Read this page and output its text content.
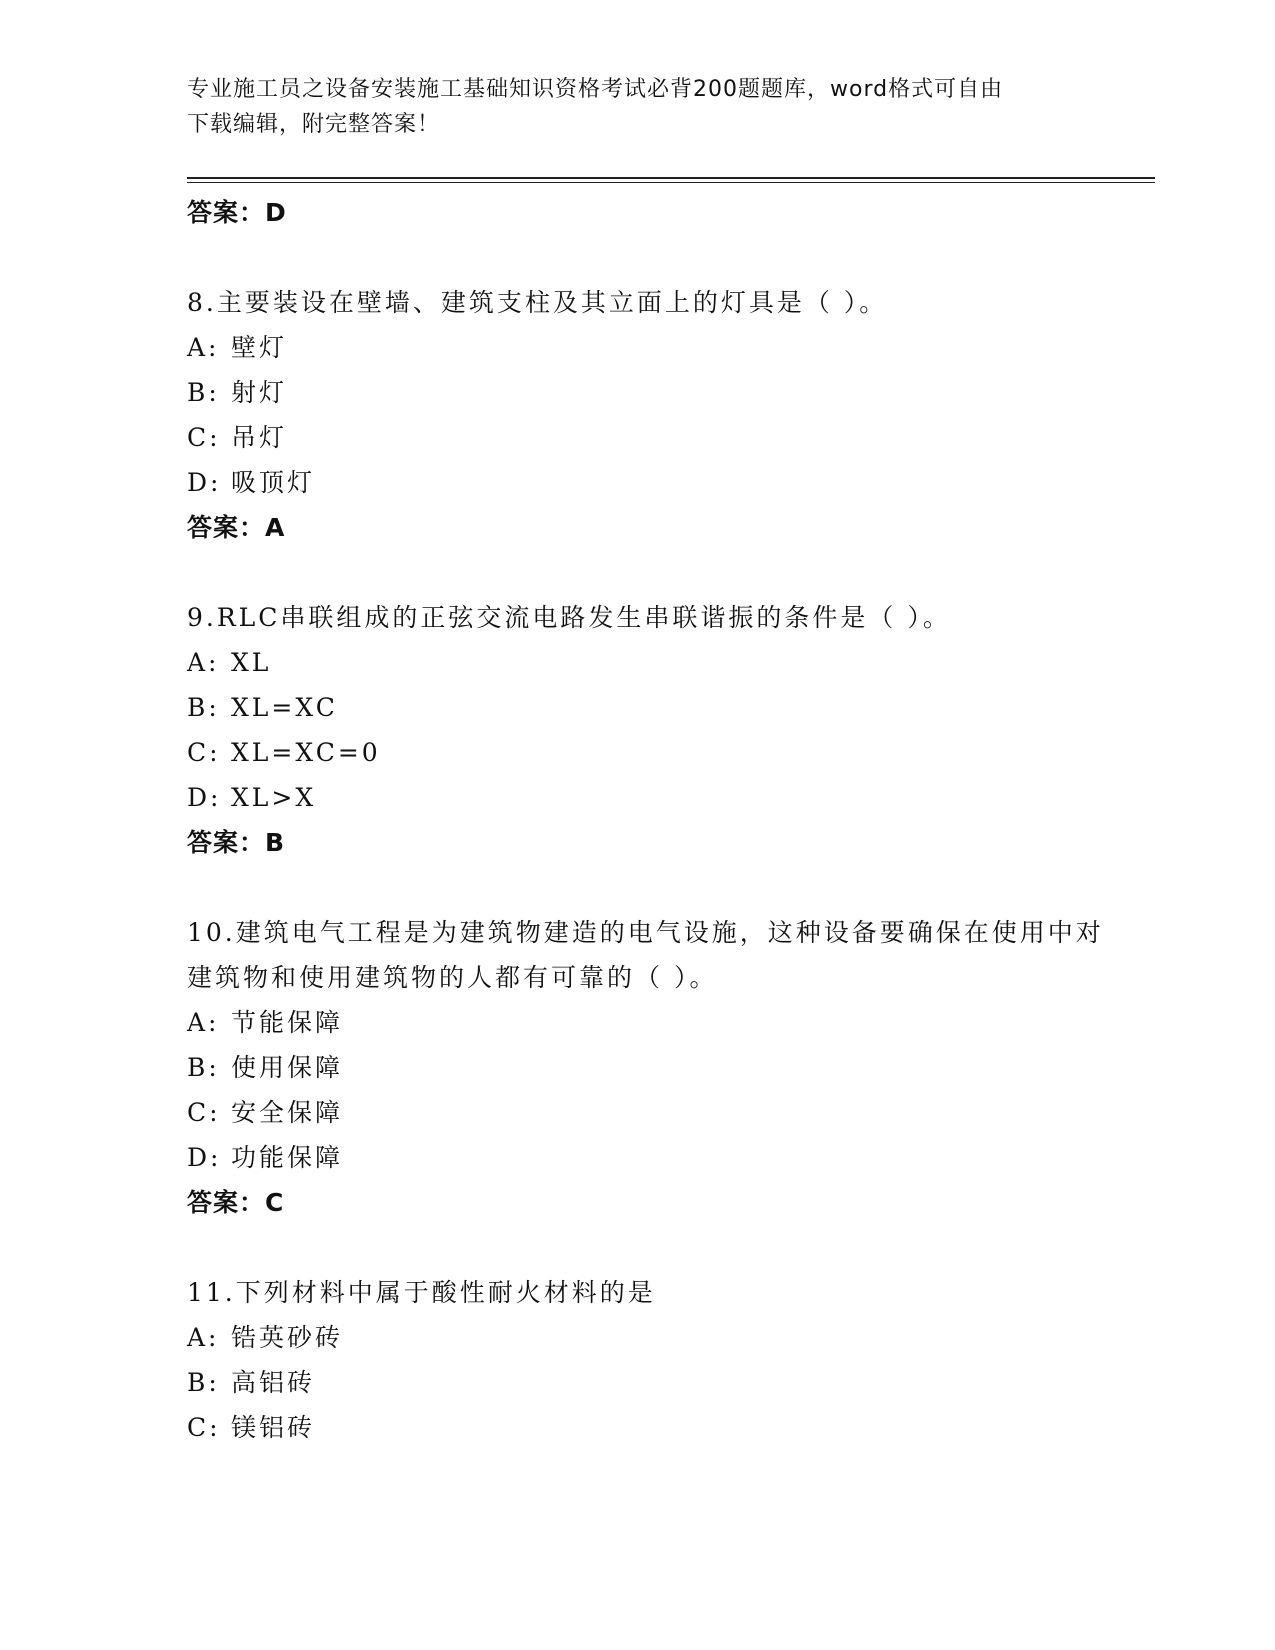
专业施工员之设备安装施工基础知识资格考试必背200题题库，word格式可自由
下载编辑，附完整答案！
答案：D
8.主要装设在壁墙、建筑支柱及其立面上的灯具是（ ）。
A: 壁灯
B: 射灯
C: 吊灯
D: 吸顶灯
答案：A
9.RLC串联组成的正弦交流电路发生串联谐振的条件是（ ）。
A: XL
B: XL=XC
C: XL=XC=0
D: XL>X
答案：B
10.建筑电气工程是为建筑物建造的电气设施，这种设备要确保在使用中对建筑物和使用建筑物的人都有可靠的（ ）。
A: 节能保障
B: 使用保障
C: 安全保障
D: 功能保障
答案：C
11.下列材料中属于酸性耐火材料的是
A: 锆英砂砖
B: 高铝砖
C: 镁铝砖
